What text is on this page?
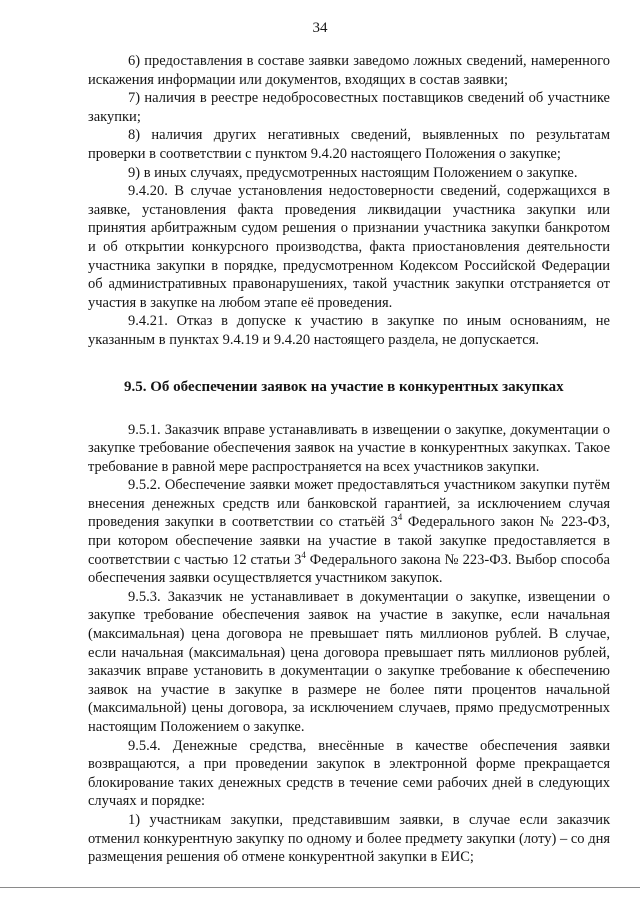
34

6) предоставления в составе заявки заведомо ложных сведений, намеренного искажения информации или документов, входящих в состав заявки;

7) наличия в реестре недобросовестных поставщиков сведений об участнике закупки;

8) наличия других негативных сведений, выявленных по результатам проверки в соответствии с пунктом 9.4.20 настоящего Положения о закупке;

9) в иных случаях, предусмотренных настоящим Положением о закупке.

9.4.20. В случае установления недостоверности сведений, содержащихся в заявке, установления факта проведения ликвидации участника закупки или принятия арбитражным судом решения о признании участника закупки банкротом и об открытии конкурсного производства, факта приостановления деятельности участника закупки в порядке, предусмотренном Кодексом Российской Федерации об административных правонарушениях, такой участник закупки отстраняется от участия в закупке на любом этапе её проведения.

9.4.21. Отказ в допуске к участию в закупке по иным основаниям, не указанным в пунктах 9.4.19 и 9.4.20 настоящего раздела, не допускается.

9.5. Об обеспечении заявок на участие в конкурентных закупках

9.5.1. Заказчик вправе устанавливать в извещении о закупке, документации о закупке требование обеспечения заявок на участие в конкурентных закупках. Такое требование в равной мере распространяется на всех участников закупки.

9.5.2. Обеспечение заявки может предоставляться участником закупки путём внесения денежных средств или банковской гарантией, за исключением случая проведения закупки в соответствии со статьёй $3^4$ Федерального закон № 223-ФЗ, при котором обеспечение заявки на участие в такой закупке предоставляется в соответствии с частью 12 статьи $3^4$ Федерального закона № 223-ФЗ. Выбор способа обеспечения заявки осуществляется участником закупок.

9.5.3. Заказчик не устанавливает в документации о закупке, извещении о закупке требование обеспечения заявок на участие в закупке, если начальная (максимальная) цена договора не превышает пять миллионов рублей. В случае, если начальная (максимальная) цена договора превышает пять миллионов рублей, заказчик вправе установить в документации о закупке требование к обеспечению заявок на участие в закупке в размере не более пяти процентов начальной (максимальной) цены договора, за исключением случаев, прямо предусмотренных настоящим Положением о закупке.

9.5.4. Денежные средства, внесённые в качестве обеспечения заявки возвращаются, а при проведении закупок в электронной форме прекращается блокирование таких денежных средств в течение семи рабочих дней в следующих случаях и порядке:

1) участникам закупки, представившим заявки, в случае если заказчик отменил конкурентную закупку по одному и более предмету закупки (лоту) – со дня размещения решения об отмене конкурентной закупки в ЕИС;
